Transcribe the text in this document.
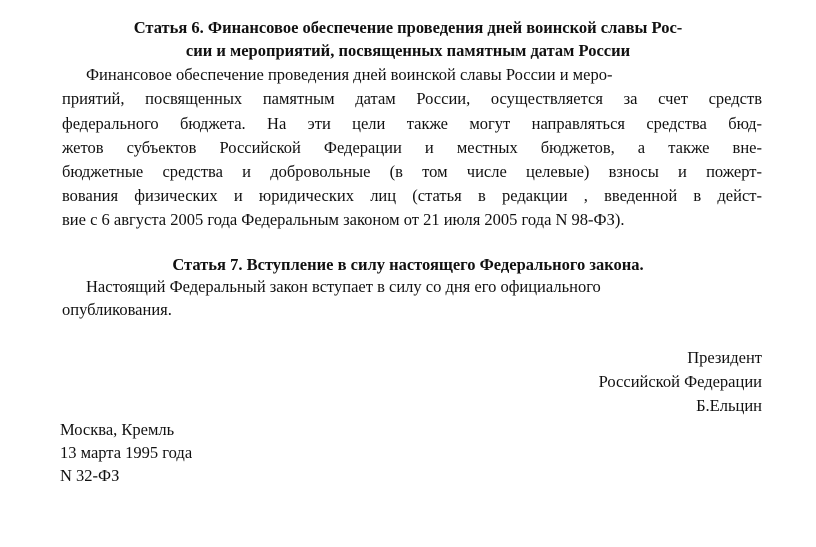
Статья 6. Финансовое обеспечение проведения дней воинской славы Рос-
сии и мероприятий, посвященных памятным датам России
Финансовое обеспечение проведения дней воинской славы России и меро-
приятий, посвященных памятным датам России, осуществляется за счет средств
федерального бюджета. На эти цели также могут направляться средства бюд-
жетов субъектов Российской Федерации и местных бюджетов, а также вне-
бюджетные средства и добровольные (в том числе целевые) взносы и пожерт-
вования физических и юридических лиц (статья в редакции , введенной в дейст-
вие с 6 августа 2005 года Федеральным законом от 21 июля 2005 года N 98-ФЗ).
Статья 7. Вступление в силу настоящего Федерального закона.
Настоящий Федеральный закон вступает в силу со дня его официального
опубликования.
Президент
Российской Федерации
Б.Ельцин
Москва, Кремль
13 марта 1995 года
N 32-ФЗ
